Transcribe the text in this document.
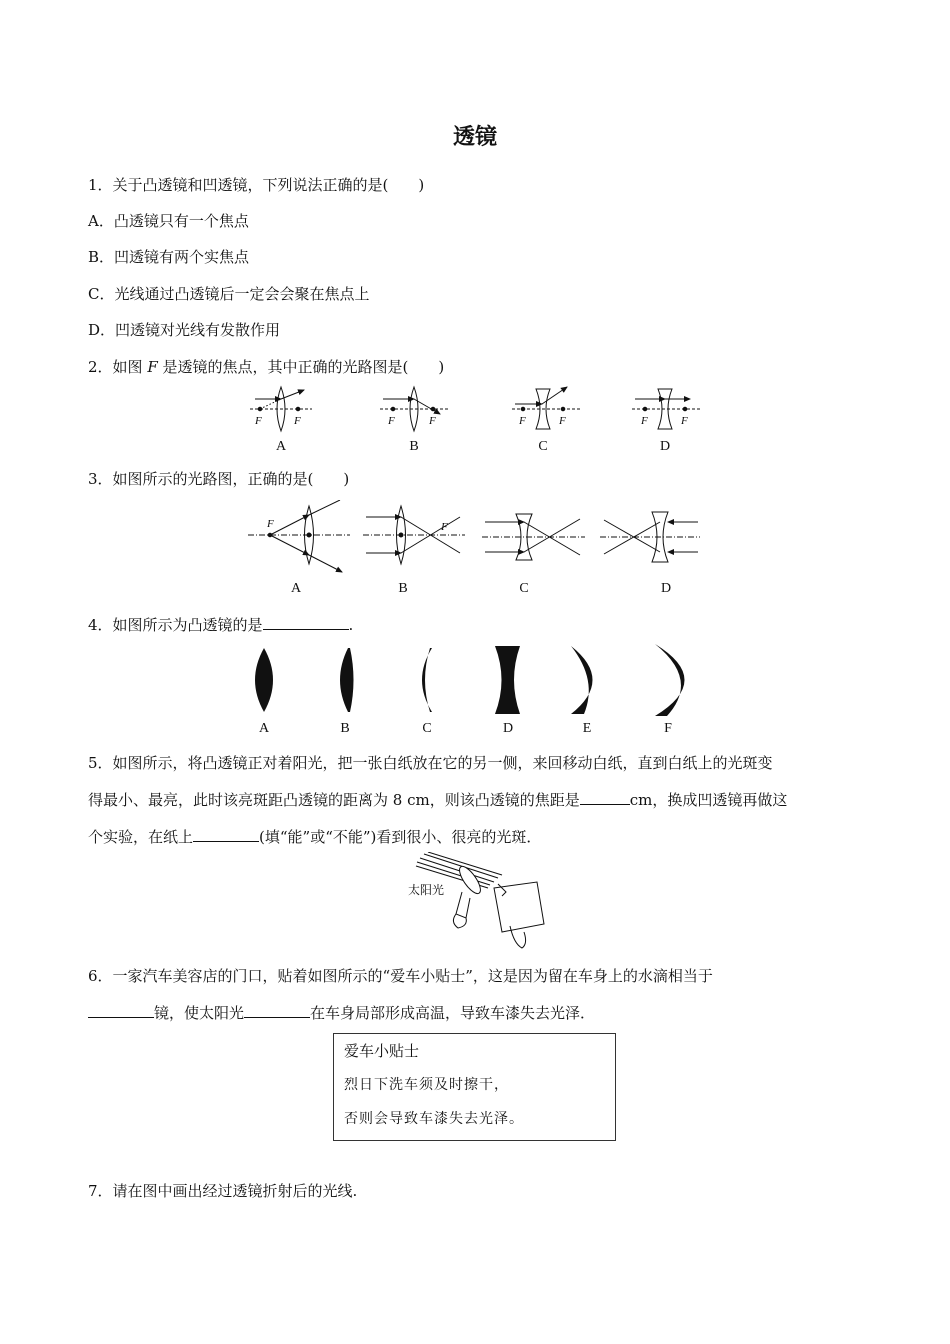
透镜
1．关于凸透镜和凹透镜，下列说法正确的是(　　)
A．凸透镜只有一个焦点
B．凹透镜有两个实焦点
C．光线通过凸透镜后一定会会聚在焦点上
D．凹透镜对光线有发散作用
2．如图 F 是透镜的焦点，其中正确的光路图是(　　)
F	F	F	F	F	F	F	F
A	B	C	D
3．如图所示的光路图，正确的是(　　)
F	F
A	B	C	D
4．如图所示为凸透镜的是	.
A	B	C	D	E	F
5．如图所示，将凸透镜正对着阳光，把一张白纸放在它的另一侧，来回移动白纸，直到白纸上的光斑变
得最小、最亮，此时该亮斑距凸透镜的距离为 8 cm，则该凸透镜的焦距是	cm，换成凹透镜再做这
个实验，在纸上	(填“能”或“不能”)看到很小、很亮的光斑．
太阳光
6．一家汽车美容店的门口，贴着如图所示的“爱车小贴士”，这是因为留在车身上的水滴相当于
镜，使太阳光	在车身局部形成高温，导致车漆失去光泽．
爱车小贴士
烈日下洗车须及时擦干，
否则会导致车漆失去光泽。
7．请在图中画出经过透镜折射后的光线.
